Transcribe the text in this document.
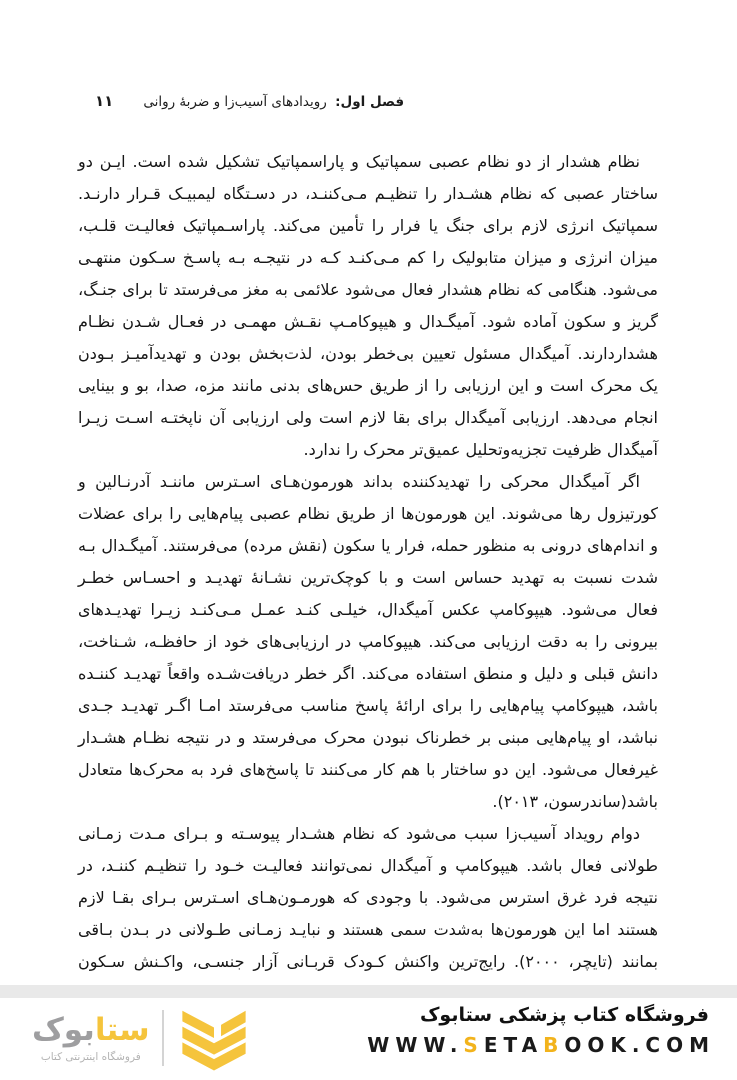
۱۱	فصل اول: رویدادهای آسیب‌زا و ضربهٔ روانی
نظام هشدار از دو نظام عصبی سمپاتیک و پاراسمپاتیک تشکیل شده است. ایـن دو
ساختار عصبی که نظام هشـدار را تنظیـم مـی‌کننـد، در دسـتگاه لیمبیـک قـرار دارنـد.
سمپاتیک انرژی لازم برای جنگ یا فرار را تأمین می‌کند. پاراسـمپاتیک فعالیـت قلـب،
میزان انرژی و میزان متابولیک را کم مـی‌کنـد کـه در نتیجـه بـه پاسـخ سـکون منتهـی
می‌شود. هنگامی که نظام هشدار فعال می‌شود علائمی به مغز می‌فرستد تا برای جنـگ،
گریز و سکون آماده شود. آمیگـدال و هیپوکامـپ نقـش مهمـی در فعـال شـدن نظـام
هشداردارند. آمیگدال مسئول تعیین بی‌خطر بودن، لذت‌بخش بودن و تهدیدآمیـز بـودن
یک محرک است و این ارزیابی را از طریق حس‌های بدنی مانند مزه، صدا، بو و بینایی
انجام می‌دهد. ارزیابی آمیگدال برای بقا لازم است ولی ارزیابی آن ناپختـه اسـت زیـرا
آمیگدال ظرفیت تجزیه‌وتحلیل عمیق‌تر محرک را ندارد.
اگر آمیگدال محرکی را تهدیدکننده بداند هورمون‌هـای اسـترس ماننـد آدرنـالین و
کورتیزول رها می‌شوند. این هورمون‌ها از طریق نظام عصبی پیام‌هایی را برای عضلات
و اندام‌های درونی به منظور حمله، فرار یا سکون (نقش مرده) می‌فرستند. آمیگـدال بـه
شدت نسبت به تهدید حساس است و با کوچک‌ترین نشـانهٔ تهدیـد و احسـاس خطـر
فعال می‌شود. هیپوکامپ عکس آمیگدال، خیلـی کنـد عمـل مـی‌کنـد زیـرا تهدیـدهای
بیرونی را به دقت ارزیابی می‌کند. هیپوکامپ در ارزیابی‌های خود از حافظـه، شـناخت،
دانش قبلی و دلیل و منطق استفاده می‌کند. اگر خطر دریافت‌شـده واقعاً تهدیـد کننـده
باشد، هیپوکامپ پیام‌هایی را برای ارائهٔ پاسخ مناسب می‌فرستد امـا اگـر تهدیـد جـدی
نباشد، او پیام‌هایی مبنی بر خطرناک نبودن محرک می‌فرستد و در نتیجه نظـام هشـدار
غیرفعال می‌شود. این دو ساختار با هم کار می‌کنند تا پاسخ‌های فرد به محرک‌ها متعادل
باشد(ساندرسون، ۲۰۱۳).
دوام رویداد آسیب‌زا سبب می‌شود که نظام هشـدار پیوسـته و بـرای مـدت زمـانی
طولانی فعال باشد. هیپوکامپ و آمیگدال نمی‌توانند فعالیـت خـود را تنظیـم کننـد، در
نتیجه فرد غرق استرس می‌شود. با وجودی که هورمـون‌هـای اسـترس بـرای بقـا لازم
هستند اما این هورمون‌ها به‌شدت سمی هستند و نبایـد زمـانی طـولانی در بـدن بـاقی
بمانند (تایچر، ۲۰۰۰). رایج‌ترین واکنش کـودک قربـانی آزار جنسـی، واکـنش سـکون
ستابوک
فروشگاه اینترنتی کتاب
فروشگاه کتاب پزشکی ستابوک
WWW.SETABOOK.COM
